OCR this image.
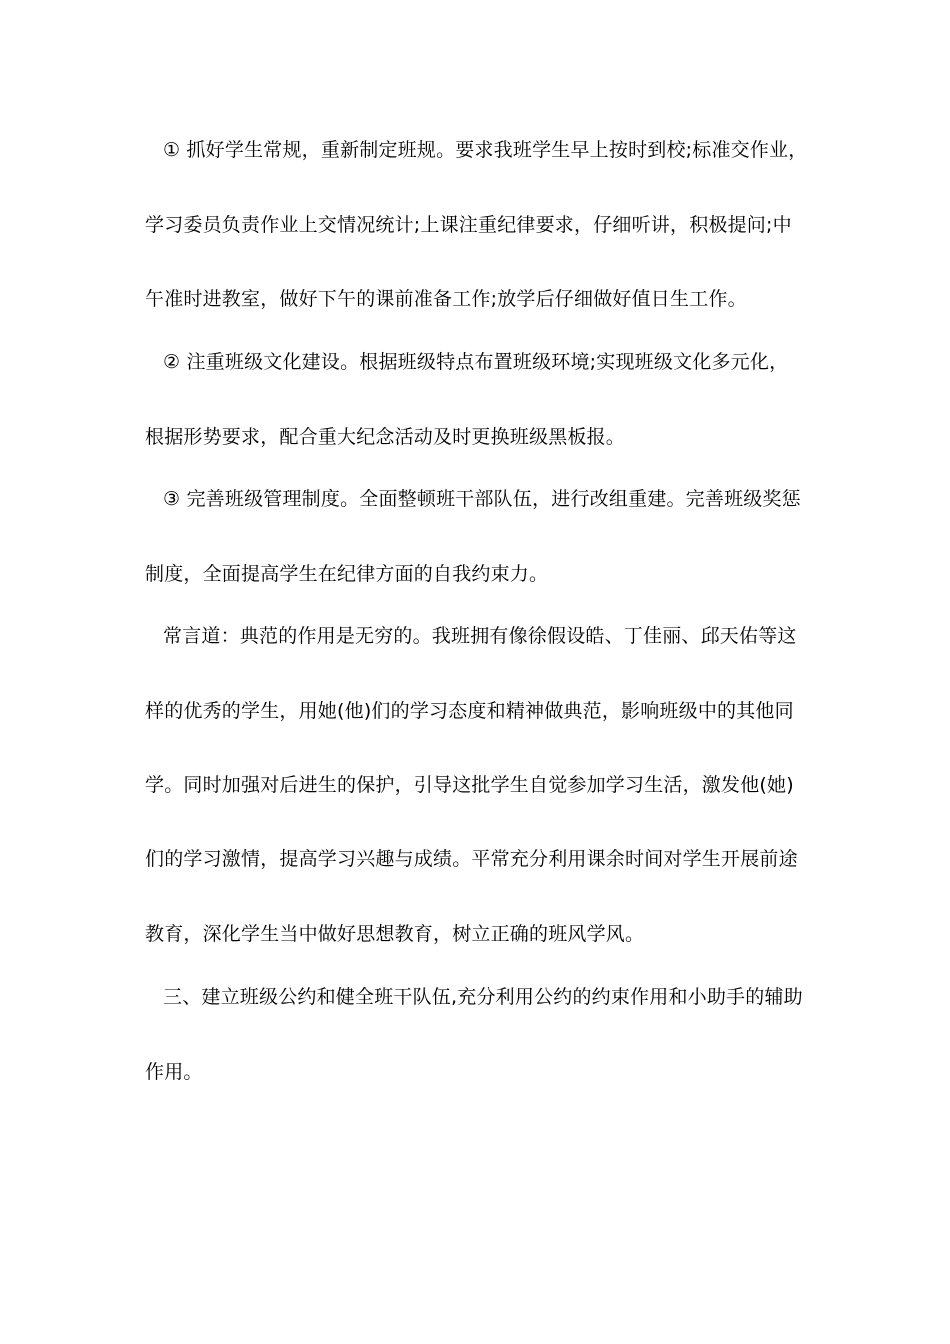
① 抓好学生常规，重新制定班规。要求我班学生早上按时到校;标准交作业，
学习委员负责作业上交情况统计;上课注重纪律要求，仔细听讲，积极提问;中
午准时进教室，做好下午的课前准备工作;放学后仔细做好值日生工作。
② 注重班级文化建设。根据班级特点布置班级环境;实现班级文化多元化，
根据形势要求，配合重大纪念活动及时更换班级黑板报。
③ 完善班级管理制度。全面整顿班干部队伍，进行改组重建。完善班级奖惩
制度，全面提高学生在纪律方面的自我约束力。
常言道：典范的作用是无穷的。我班拥有像徐假设皓、丁佳丽、邱天佑等这
样的优秀的学生，用她(他)们的学习态度和精神做典范，影响班级中的其他同
学。同时加强对后进生的保护，引导这批学生自觉参加学习生活，激发他(她)
们的学习激情，提高学习兴趣与成绩。平常充分利用课余时间对学生开展前途
教育，深化学生当中做好思想教育，树立正确的班风学风。
三、建立班级公约和健全班干队伍,充分利用公约的约束作用和小助手的辅助
作用。
